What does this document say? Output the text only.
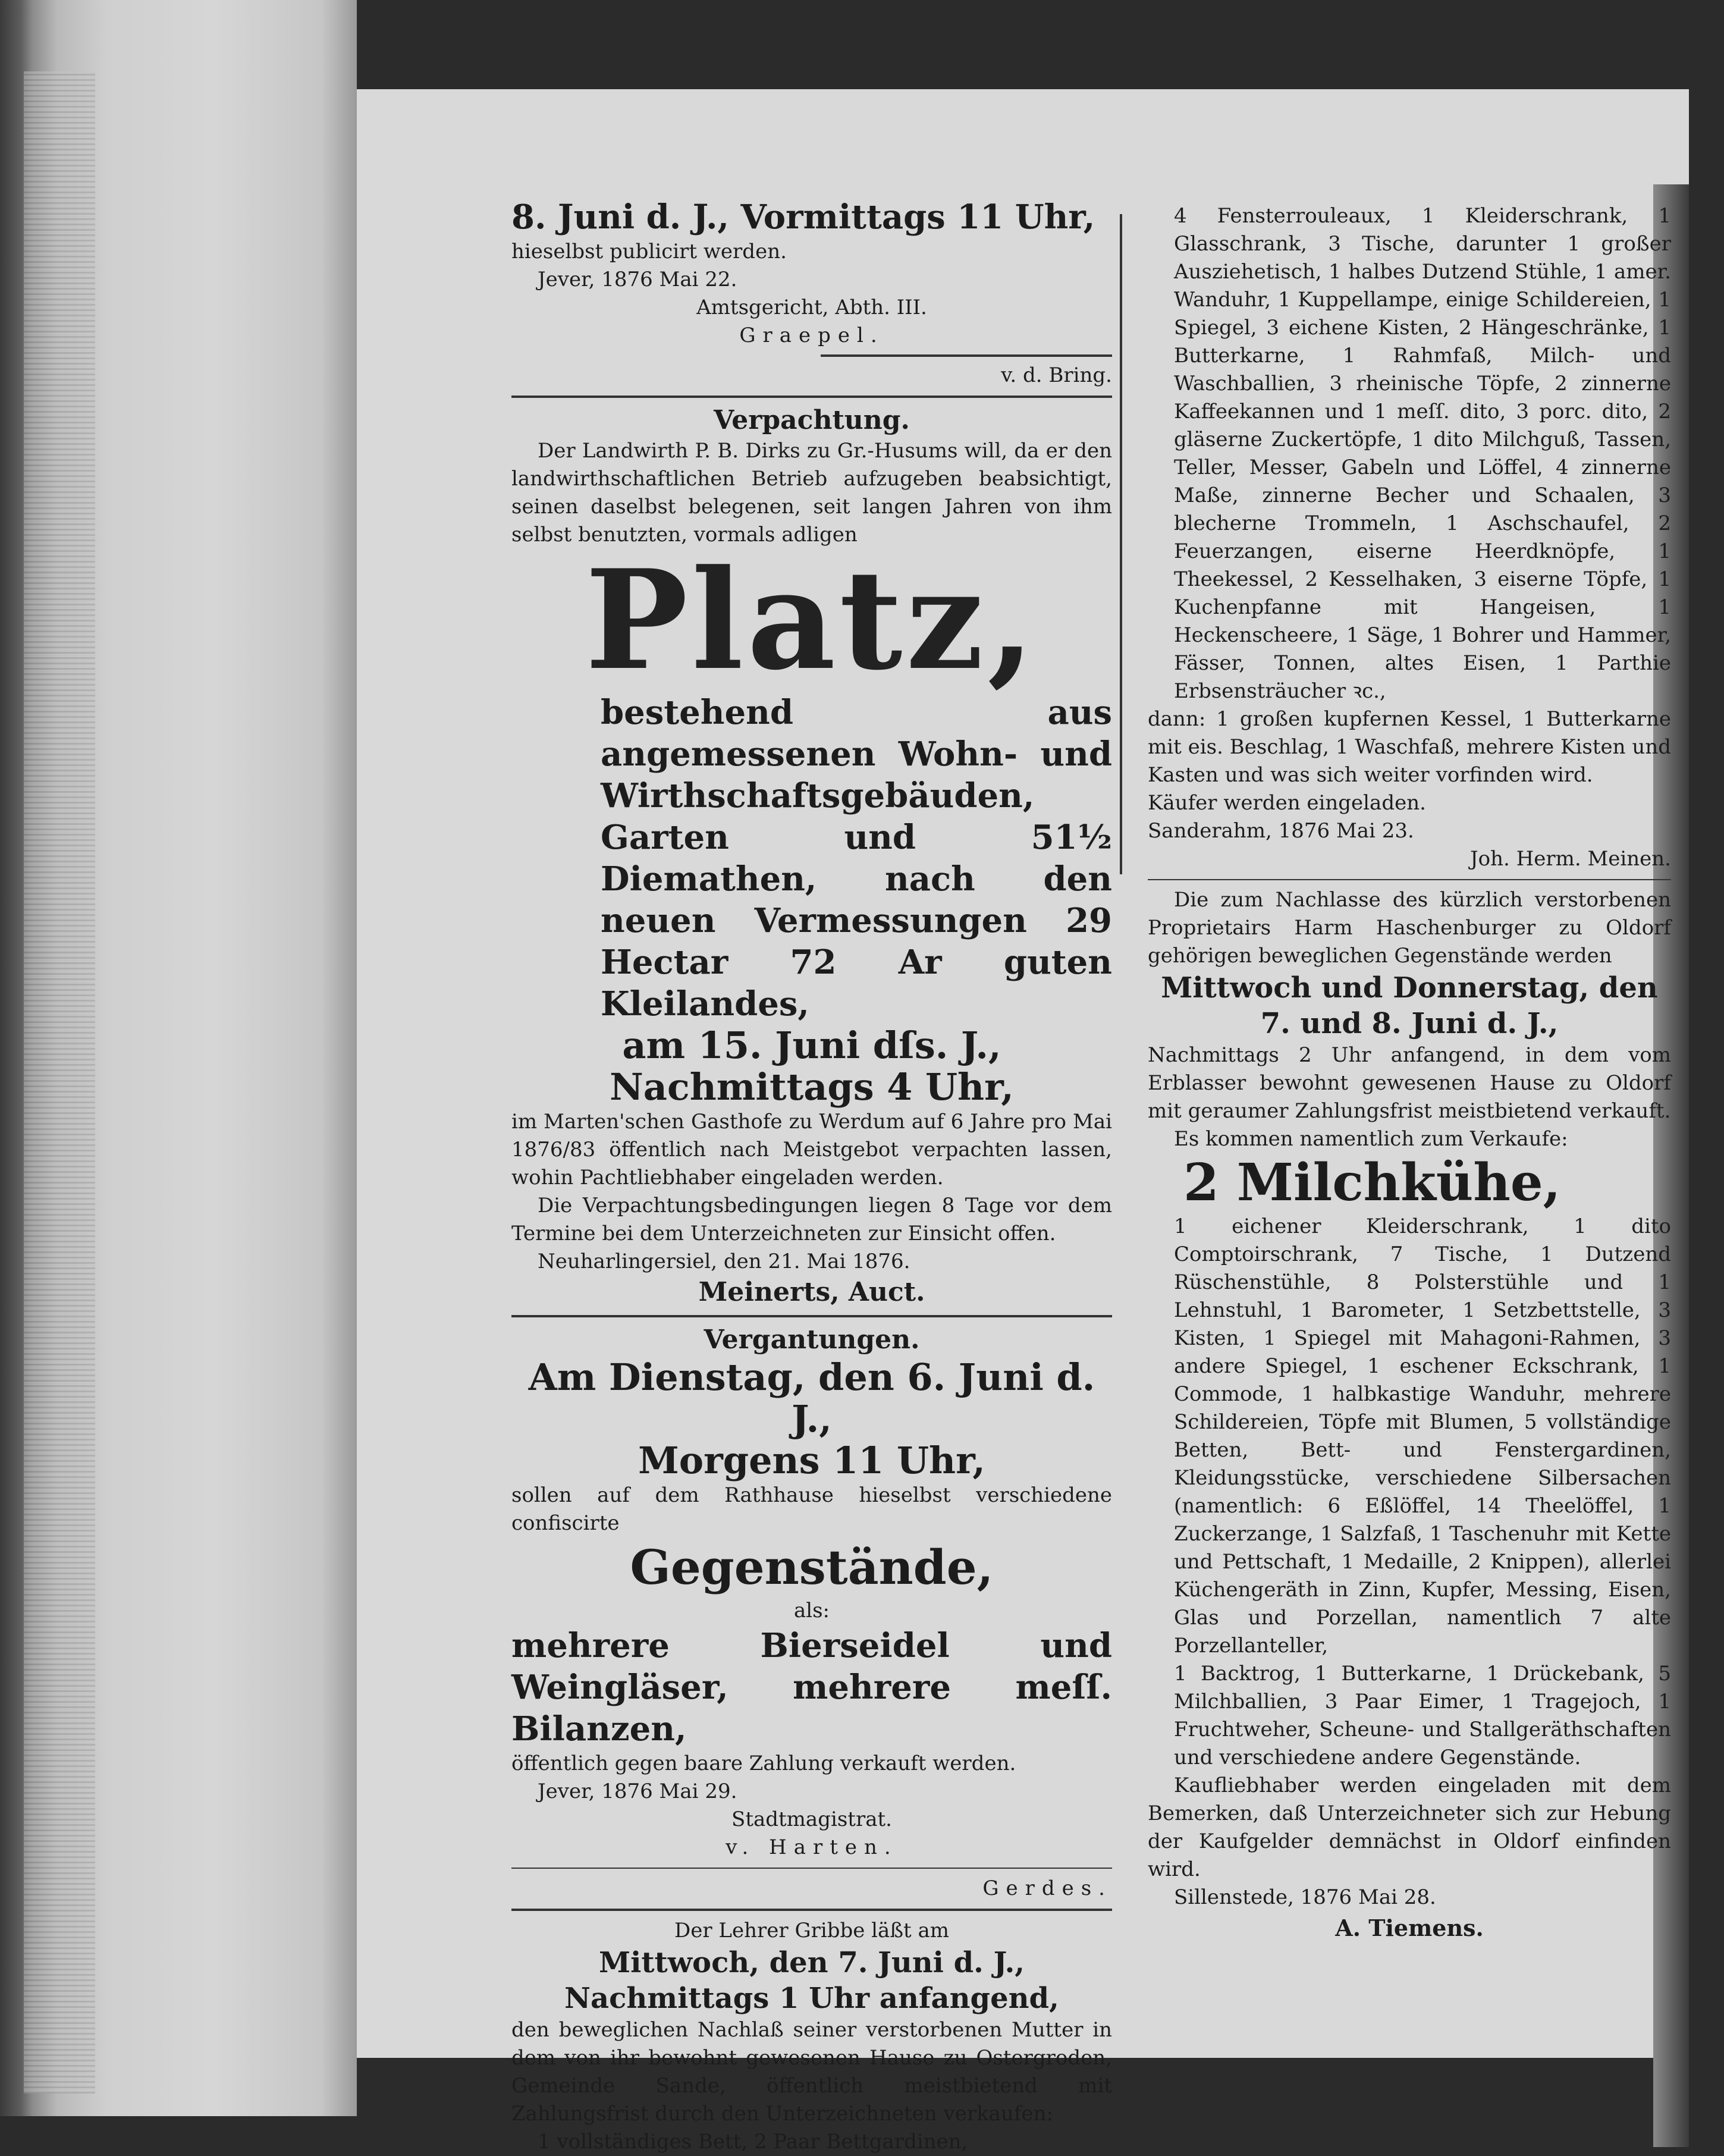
8. Juni d. J., Vormittags 11 Uhr,

hieselbst publicirt werden.

Jever, 1876 Mai 22.

Amtsgericht, Abth. III.

Graepel.

v. d. Bring.

Verpachtung.

Der Landwirth P. B. Dirks zu Gr.-Husums will, da er den landwirthschaftlichen Betrieb aufzugeben beabsichtigt, seinen daselbst belegenen, seit langen Jahren von ihm selbst benutzten, vormals adligen

Platz,

bestehend aus angemessenen Wohn- und Wirthschaftsgebäuden, Garten und 51½ Diemathen, nach den neuen Vermessungen 29 Hectar 72 Ar guten Kleilandes,

am 15. Juni dſs. J.,

Nachmittags 4 Uhr,

im Marten'schen Gasthofe zu Werdum auf 6 Jahre pro Mai 1876/83 öffentlich nach Meistgebot verpachten lassen, wohin Pachtliebhaber eingeladen werden.

Die Verpachtungsbedingungen liegen 8 Tage vor dem Termine bei dem Unterzeichneten zur Einsicht offen.

Neuharlingersiel, den 21. Mai 1876.

Meinerts, Auct.

Vergantungen.

Am Dienstag, den 6. Juni d. J.,

Morgens 11 Uhr,

sollen auf dem Rathhause hieselbst verschiedene confiscirte

Gegenstände,

als:

mehrere Bierseidel und Weingläser, mehrere meſſ. Bilanzen,

öffentlich gegen baare Zahlung verkauft werden.

Jever, 1876 Mai 29.

Stadtmagistrat.

v. Harten.

Gerdes.

Der Lehrer Gribbe läßt am

Mittwoch, den 7. Juni d. J.,

Nachmittags 1 Uhr anfangend,

den beweglichen Nachlaß seiner verstorbenen Mutter in dem von ihr bewohnt gewesenen Hause zu Ostergroden, Gemeinde Sande, öffentlich meistbietend mit Zahlungsfrist durch den Unterzeichneten verkaufen:

1 vollständiges Bett, 2 Paar Bettgardinen,

4 Fensterrouleaux, 1 Kleiderschrank, 1 Glasschrank, 3 Tische, darunter 1 großer Ausziehetisch, 1 halbes Dutzend Stühle, 1 amer. Wanduhr, 1 Kuppellampe, einige Schildereien, 1 Spiegel, 3 eichene Kisten, 2 Hängeschränke, 1 Butterkarne, 1 Rahmfaß, Milch- und Waschballien, 3 rheinische Töpfe, 2 zinnerne Kaffeekannen und 1 meſſ. dito, 3 porc. dito, 2 gläserne Zuckertöpfe, 1 dito Milchguß, Tassen, Teller, Messer, Gabeln und Löffel, 4 zinnerne Maße, zinnerne Becher und Schaalen, 3 blecherne Trommeln, 1 Aschschaufel, 2 Feuerzangen, eiserne Heerdknöpfe, 1 Theekessel, 2 Kesselhaken, 3 eiserne Töpfe, 1 Kuchenpfanne mit Hangeisen, 1 Heckenscheere, 1 Säge, 1 Bohrer und Hammer, Fässer, Tonnen, altes Eisen, 1 Parthie Erbsensträucher ꝛc.,

dann: 1 großen kupfernen Kessel, 1 Butterkarne mit eis. Beschlag, 1 Waschfaß, mehrere Kisten und Kasten und was sich weiter vorfinden wird.

Käufer werden eingeladen.

Sanderahm, 1876 Mai 23.

Joh. Herm. Meinen.

Die zum Nachlasse des kürzlich verstorbenen Proprietairs Harm Haschenburger zu Oldorf gehörigen beweglichen Gegenstände werden

Mittwoch und Donnerstag, den

7. und 8. Juni d. J.,

Nachmittags 2 Uhr anfangend, in dem vom Erblasser bewohnt gewesenen Hause zu Oldorf mit geraumer Zahlungsfrist meistbietend verkauft.

Es kommen namentlich zum Verkaufe:

2 Milchkühe,

1 eichener Kleiderschrank, 1 dito Comptoirschrank, 7 Tische, 1 Dutzend Rüschenstühle, 8 Polsterstühle und 1 Lehnstuhl, 1 Barometer, 1 Setzbettstelle, 3 Kisten, 1 Spiegel mit Mahagoni-Rahmen, 3 andere Spiegel, 1 eschener Eckschrank, 1 Commode, 1 halbkastige Wanduhr, mehrere Schildereien, Töpfe mit Blumen, 5 vollständige Betten, Bett- und Fenstergardinen, Kleidungsstücke, verschiedene Silbersachen (namentlich: 6 Eßlöffel, 14 Theelöffel, 1 Zuckerzange, 1 Salzfaß, 1 Taschenuhr mit Kette und Pettschaft, 1 Medaille, 2 Knippen), allerlei Küchengeräth in Zinn, Kupfer, Messing, Eisen, Glas und Porzellan, namentlich 7 alte Porzellanteller,

1 Backtrog, 1 Butterkarne, 1 Drückebank, 5 Milchballien, 3 Paar Eimer, 1 Tragejoch, 1 Fruchtweher, Scheune- und Stallgeräthschaften und verschiedene andere Gegenstände.

Kaufliebhaber werden eingeladen mit dem Bemerken, daß Unterzeichneter sich zur Hebung der Kaufgelder demnächst in Oldorf einfinden wird.

Sillenstede, 1876 Mai 28.

A. Tiemens.
